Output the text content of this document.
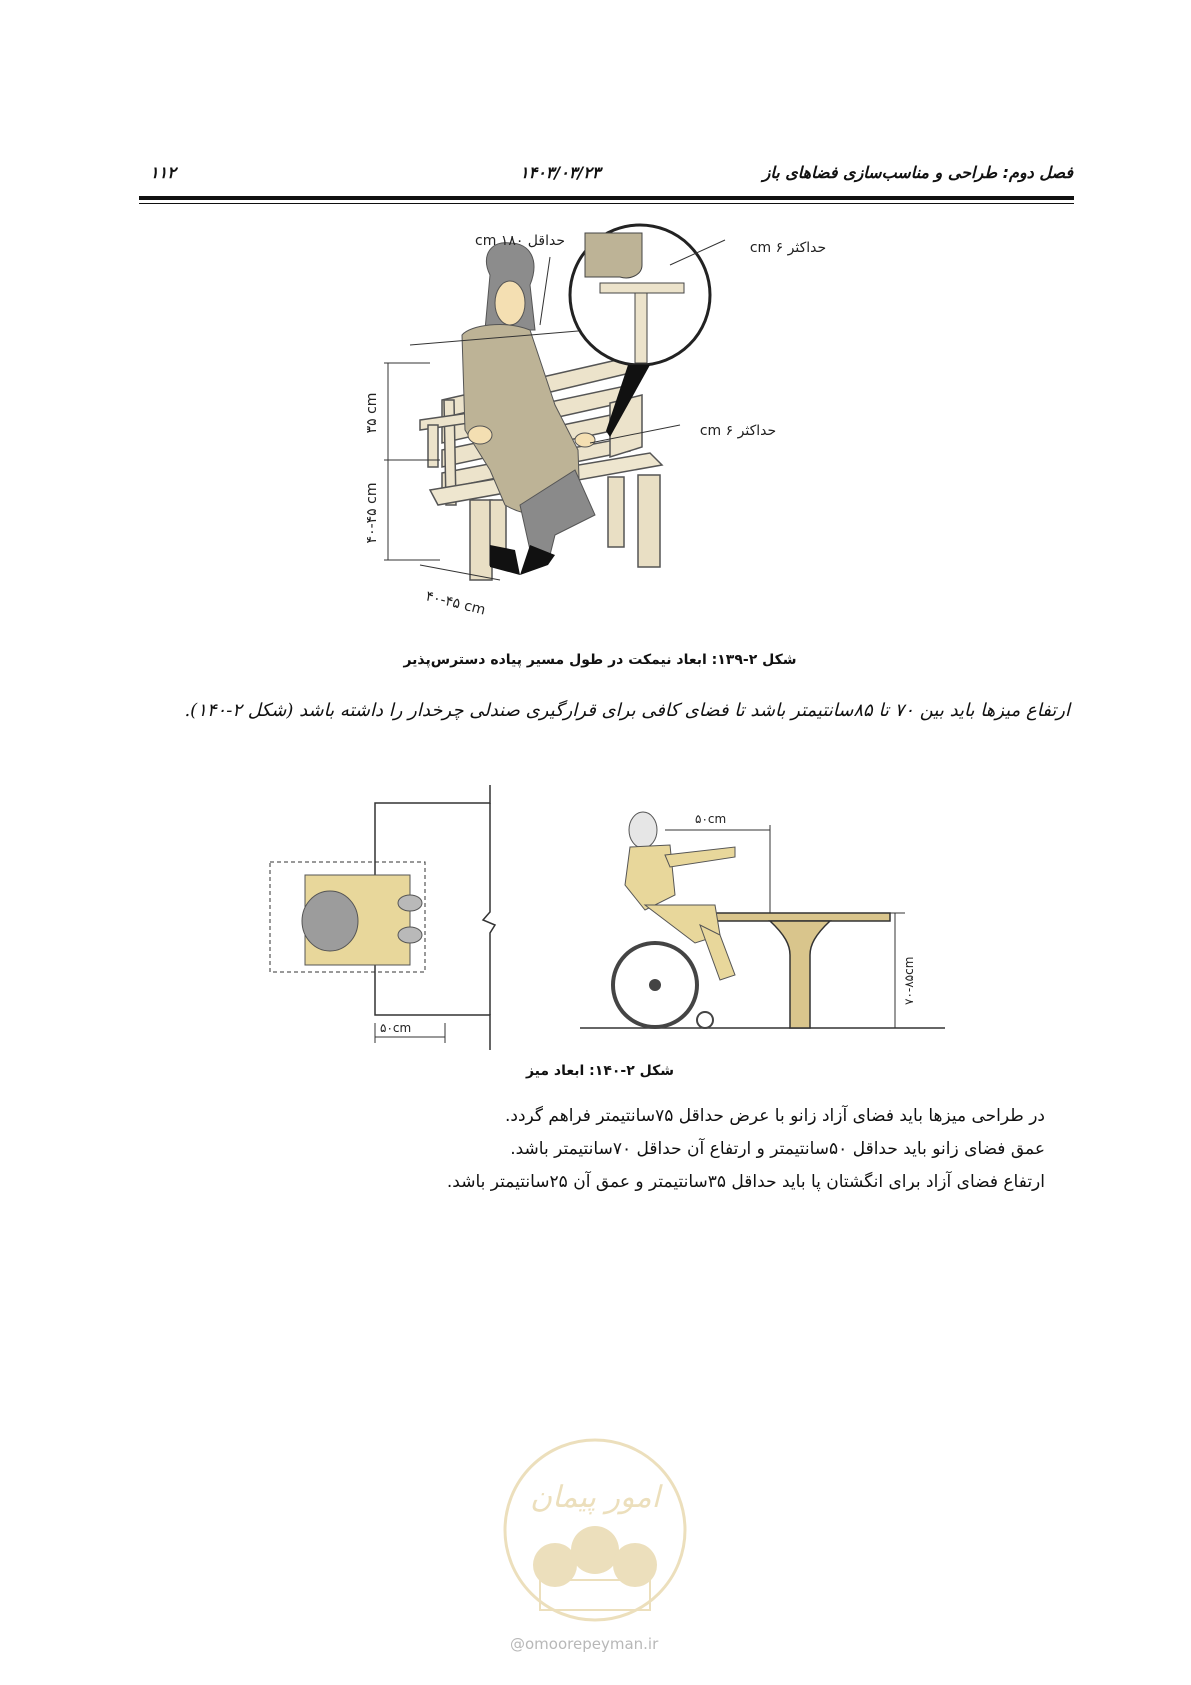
۱۱۲	۱۴۰۳/۰۳/۲۳	فصل دوم: طراحی و مناسب‌سازی فضاهای باز
حداقل ۱۸۰ cm	حداکثر ۶ cm
حداکثر ۶ cm
۳۵ cm
۴۰-۴۵ cm
۴۰-۴۵ cm
شکل ۲-۱۳۹: ابعاد نیمکت در طول مسیر پیاده دسترس‌پذیر
ارتفاع میزها باید بین ۷۰ تا ۸۵سانتیمتر باشد تا فضای کافی برای قرارگیری صندلی چرخدار را داشته باشد (شکل ۲-۱۴۰).
۵۰cm
۵۰cm
۷۰-۸۵cm
شکل ۲-۱۴۰: ابعاد میز
در طراحی میزها باید فضای آزاد زانو با عرض حداقل ۷۵سانتیمتر فراهم گردد.
عمق فضای زانو باید حداقل ۵۰سانتیمتر و ارتفاع آن حداقل ۷۰سانتیمتر باشد.
ارتفاع فضای آزاد برای انگشتان پا باید حداقل ۳۵سانتیمتر و عمق آن ۲۵سانتیمتر باشد.
امور پیمان
@omoorepeyman.ir
